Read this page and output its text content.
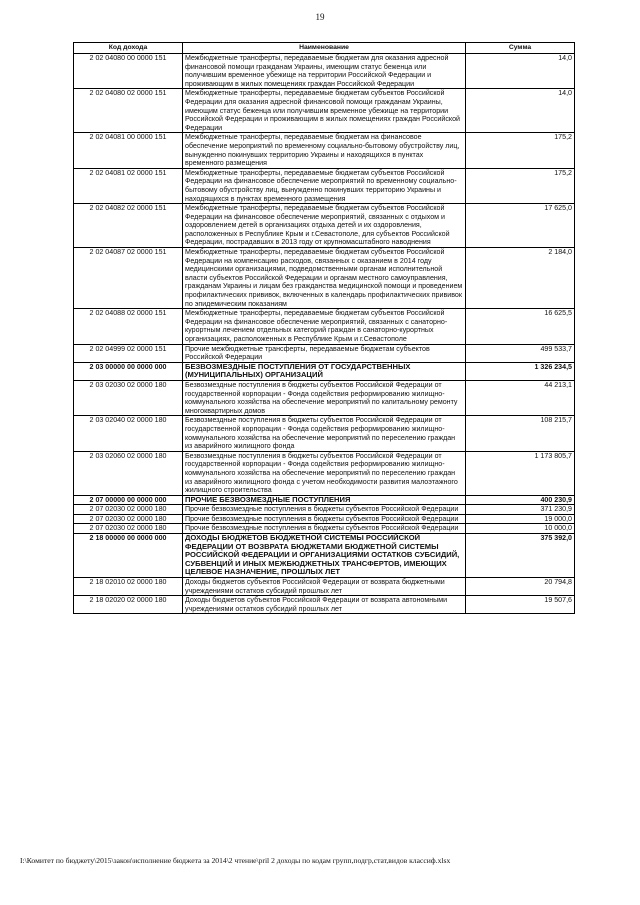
19
Код дохода	Наименование	Сумма
2 02 04080 00 0000 151	Межбюджетные трансферты, передаваемые бюджетам для оказания адресной финансовой помощи гражданам Украины, имеющим статус беженца или получившим временное убежище на территории Российской Федерации и проживающим в жилых помещениях граждан Российской Федерации	14,0
2 02 04080 02 0000 151	Межбюджетные трансферты, передаваемые бюджетам субъектов Российской Федерации для оказания адресной финансовой помощи гражданам Украины, имеющим статус беженца или получившим временное убежище на территории Российской Федерации и проживающим в жилых помещениях граждан Российской Федерации	14,0
2 02 04081 00 0000 151	Межбюджетные трансферты, передаваемые бюджетам на финансовое обеспечение мероприятий по временному социально-бытовому обустройству лиц, вынужденно покинувших территорию Украины и находящихся в пунктах временного размещения	175,2
2 02 04081 02 0000 151	Межбюджетные трансферты, передаваемые бюджетам субъектов Российской Федерации на финансовое обеспечение мероприятий по временному социально-бытовому обустройству лиц, вынужденно покинувших территорию Украины и находящихся в пунктах временного размещения	175,2
2 02 04082 02 0000 151	Межбюджетные трансферты, передаваемые бюджетам субъектов Российской Федерации на финансовое обеспечение мероприятий, связанных с отдыхом и оздоровлением детей в организациях отдыха детей и их оздоровления, расположенных в Республике Крым и г.Севастополе, для субъектов Российской Федерации, пострадавших в 2013 году от крупномасштабного наводнения	17 625,0
2 02 04087 02 0000 151	Межбюджетные трансферты, передаваемые бюджетам субъектов Российской Федерации на компенсацию расходов, связанных с оказанием в 2014 году медицинскими организациями, подведомственными органам исполнительной власти субъектов Российской Федерации и органам местного самоуправления, гражданам Украины и лицам без гражданства медицинской помощи и проведением профилактических прививок, включенных в календарь профилактических прививок по эпидемическим показаниям	2 184,0
2 02 04088 02 0000 151	Межбюджетные трансферты, передаваемые бюджетам субъектов Российской Федерации на финансовое обеспечение мероприятий, связанных с санаторно-курортным лечением отдельных категорий граждан в санаторно-курортных организациях, расположенных в Республике Крым и г.Севастополе	16 625,5
2 02 04999 02 0000 151	Прочие межбюджетные трансферты, передаваемые бюджетам субъектов Российской Федерации	499 533,7
2 03 00000 00 0000 000	БЕЗВОЗМЕЗДНЫЕ ПОСТУПЛЕНИЯ ОТ ГОСУДАРСТВЕННЫХ (МУНИЦИПАЛЬНЫХ) ОРГАНИЗАЦИЙ	1 326 234,5
2 03 02030 02 0000 180	Безвозмездные поступления в бюджеты субъектов Российской Федерации от государственной корпорации - Фонда содействия реформированию жилищно-коммунального хозяйства на обеспечение мероприятий по капитальному ремонту многоквартирных домов	44 213,1
2 03 02040 02 0000 180	Безвозмездные поступления в бюджеты субъектов Российской Федерации от государственной корпорации - Фонда содействия реформированию жилищно-коммунального хозяйства на обеспечение мероприятий по переселению граждан из аварийного жилищного фонда	108 215,7
2 03 02060 02 0000 180	Безвозмездные поступления в бюджеты субъектов Российской Федерации от государственной корпорации - Фонда содействия реформированию жилищно-коммунального хозяйства на обеспечение мероприятий по переселению граждан из аварийного жилищного фонда с учетом необходимости развития малоэтажного жилищного строительства	1 173 805,7
2 07 00000 00 0000 000	ПРОЧИЕ БЕЗВОЗМЕЗДНЫЕ ПОСТУПЛЕНИЯ	400 230,9
2 07 02030 02 0000 180	Прочие безвозмездные поступления в бюджеты субъектов Российской Федерации	371 230,9
2 07 02030 02 0000 180	Прочие безвозмездные поступления в бюджеты субъектов Российской Федерации	19 000,0
2 07 02030 02 0000 180	Прочие безвозмездные поступления в бюджеты субъектов Российской Федерации	10 000,0
2 18 00000 00 0000 000	ДОХОДЫ БЮДЖЕТОВ БЮДЖЕТНОЙ СИСТЕМЫ РОССИЙСКОЙ ФЕДЕРАЦИИ ОТ ВОЗВРАТА БЮДЖЕТАМИ БЮДЖЕТНОЙ СИСТЕМЫ РОССИЙСКОЙ ФЕДЕРАЦИИ И ОРГАНИЗАЦИЯМИ ОСТАТКОВ СУБСИДИЙ, СУБВЕНЦИЙ И ИНЫХ МЕЖБЮДЖЕТНЫХ ТРАНСФЕРТОВ, ИМЕЮЩИХ ЦЕЛЕВОЕ НАЗНАЧЕНИЕ, ПРОШЛЫХ ЛЕТ	375 392,0
2 18 02010 02 0000 180	Доходы бюджетов субъектов Российской Федерации от возврата бюджетными учреждениями остатков субсидий прошлых лет	20 794,8
2 18 02020 02 0000 180	Доходы бюджетов субъектов Российской Федерации от возврата автономными учреждениями остатков субсидий прошлых лет	19 507,6
I:\Комитет по бюджету\2015\закон\исполнение бюджета за 2014\2 чтение\pril 2 доходы по кодам групп,подгр,стат,видов классиф.xlsx
